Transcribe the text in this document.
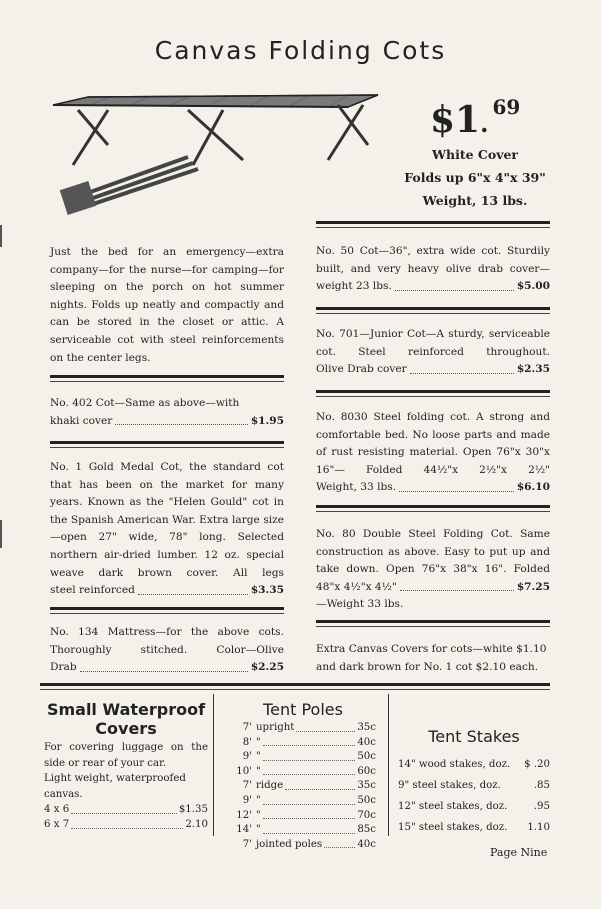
Canvas Folding Cots
$1.69
White Cover
Folds up 6"x 4"x 39"
Weight, 13 lbs.
Just the bed for an emergency—extra company—for the nurse—for camping—for sleeping on the porch on hot summer nights. Folds up neatly and compactly and can be stored in the closet or attic. A serviceable cot with steel reinforcements on the center legs.
No. 402 Cot—Same as above—with
khaki cover	$1.95
No. 1 Gold Medal Cot, the standard cot that has been on the market for many years. Known as the "Helen Gould" cot in the Spanish American War. Extra large size—open 27" wide, 78" long. Selected northern air-dried lumber. 12 oz. special weave dark brown cover. All legs
steel reinforced	$3.35
No. 134 Mattress—for the above cots. Thoroughly stitched. Color—Olive
Drab	$2.25
No. 50 Cot—36", extra wide cot. Sturdily built, and very heavy olive drab cover—
weight 23 lbs.	$5.00
No. 701—Junior Cot—A sturdy, serviceable cot. Steel reinforced throughout.
Olive Drab cover	$2.35
No. 8030 Steel folding cot. A strong and comfortable bed. No loose parts and made of rust resisting material. Open 76"x 30"x 16"— Folded 44½"x 2½"x 2½"
Weight, 33 lbs.	$6.10
No. 80 Double Steel Folding Cot. Same construction as above. Easy to put up and take down. Open 76"x 38"x 16". Folded
48"x 4½"x 4½"	$7.25
—Weight 33 lbs.
Extra Canvas Covers for cots—white $1.10
and dark brown for No. 1 cot $2.10 each.
Small Waterproof
Covers
For covering luggage on the side or rear of your car.
Light weight, waterproofed canvas.
4 x 6	$1.35
6 x 7	2.10
Tent Poles
7' upright	35c
8' "	40c
9' "	50c
10' "	60c
7' ridge	35c
9' "	50c
12' "	70c
14' "	85c
7' jointed poles	40c
Tent Stakes
14" wood stakes, doz. $ .20
9" steel stakes, doz.	.85
12" steel stakes, doz.	.95
15" steel stakes, doz. 1.10
Page Nine
